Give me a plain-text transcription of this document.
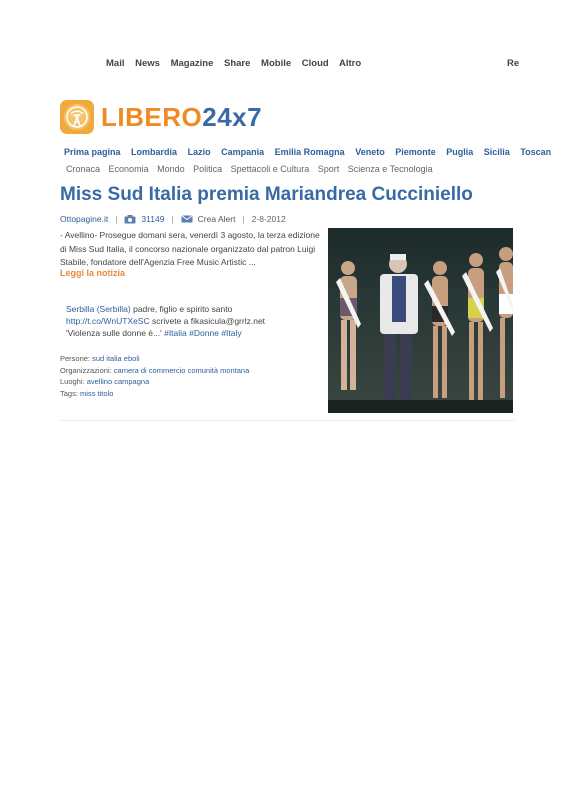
Mail News Magazine Share Mobile Cloud Altro	Re
LIBERO24x7
Prima pagina Lombardia Lazio Campania Emilia Romagna Veneto Piemonte Puglia Sicilia Toscan
Cronaca Economia Mondo Politica Spettacoli e Cultura Sport Scienza e Tecnologia
Miss Sud Italia premia Mariandrea Cucciniello
Ottopagine.it |	31149 |	Crea Alert | 2-8-2012
- Avellino- Prosegue domani sera, venerdì 3 agosto, la terza edizione di Miss Sud Italia, il concorso nazionale organizzato dal patron Luigi Stabile, fondatore dell'Agenzia Free Music Artistic ...
Leggi la notizia
Serbilla (Serbilla) padre, figlio e spirito santo
http://t.co/WnUTXeSC scrivete a fikasicula@grrlz.net
'Violenza sulle donne è...' #Italia #Donne #Italy
Persone: sud italia eboli
Organizzazioni: camera di commercio comunità montana
Luoghi: avellino campagna
Tags: miss titolo
